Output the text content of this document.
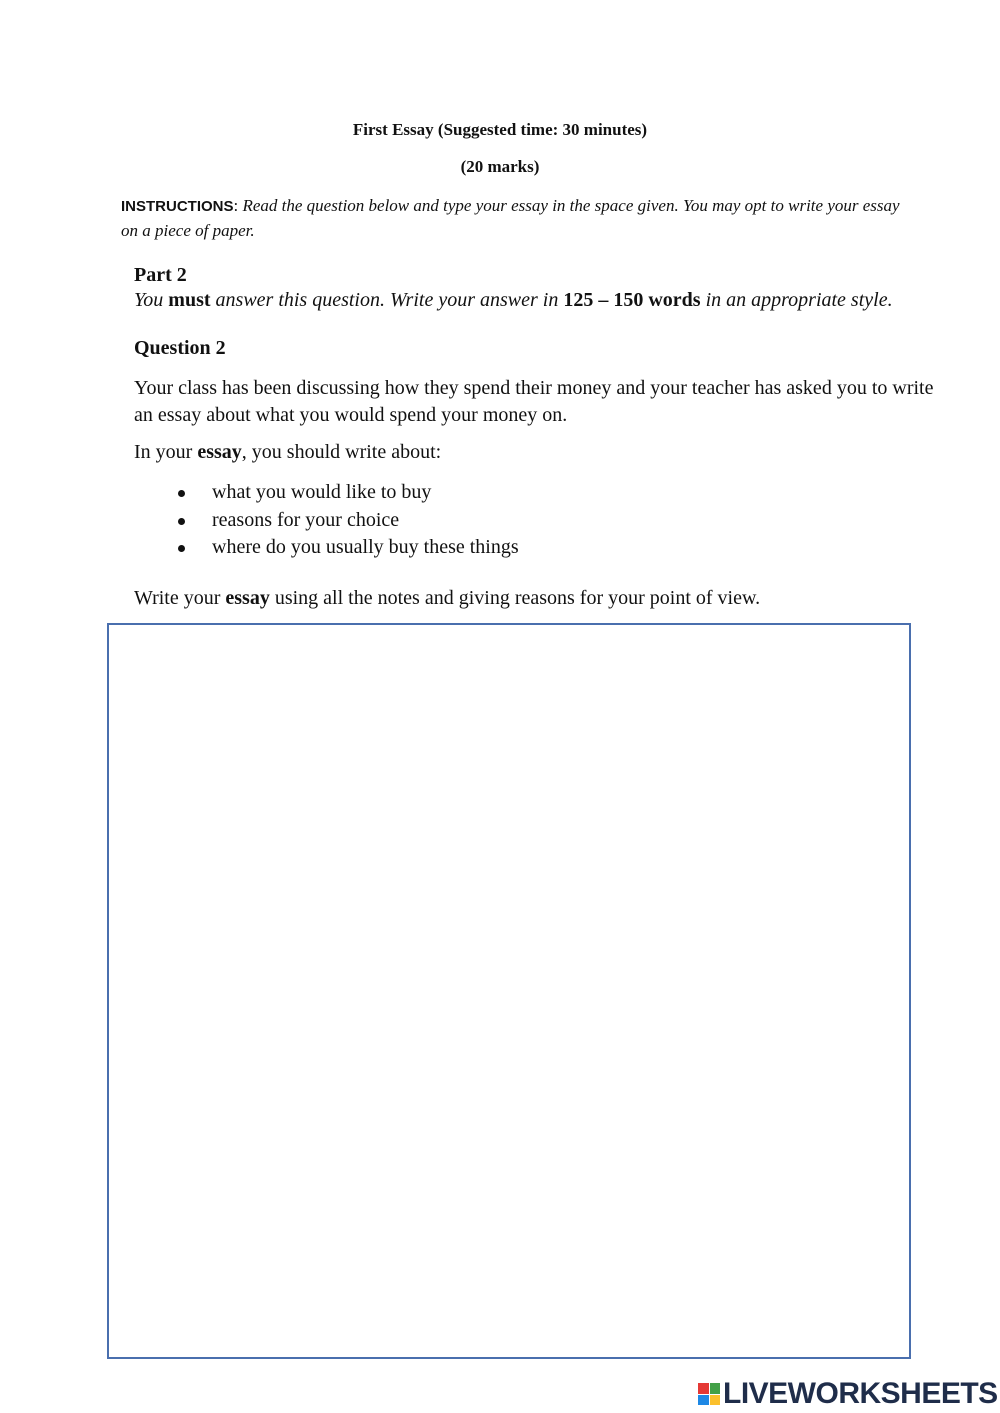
First Essay (Suggested time: 30 minutes)
(20 marks)
INSTRUCTIONS: Read the question below and type your essay in the space given. You may opt to write your essay on a piece of paper.
Part 2
You must answer this question. Write your answer in 125 – 150 words in an appropriate style.
Question 2
Your class has been discussing how they spend their money and your teacher has asked you to write an essay about what you would spend your money on.
In your essay, you should write about:
what you would like to buy
reasons for your choice
where do you usually buy these things
Write your essay using all the notes and giving reasons for your point of view.
LIVEWORKSHEETS
